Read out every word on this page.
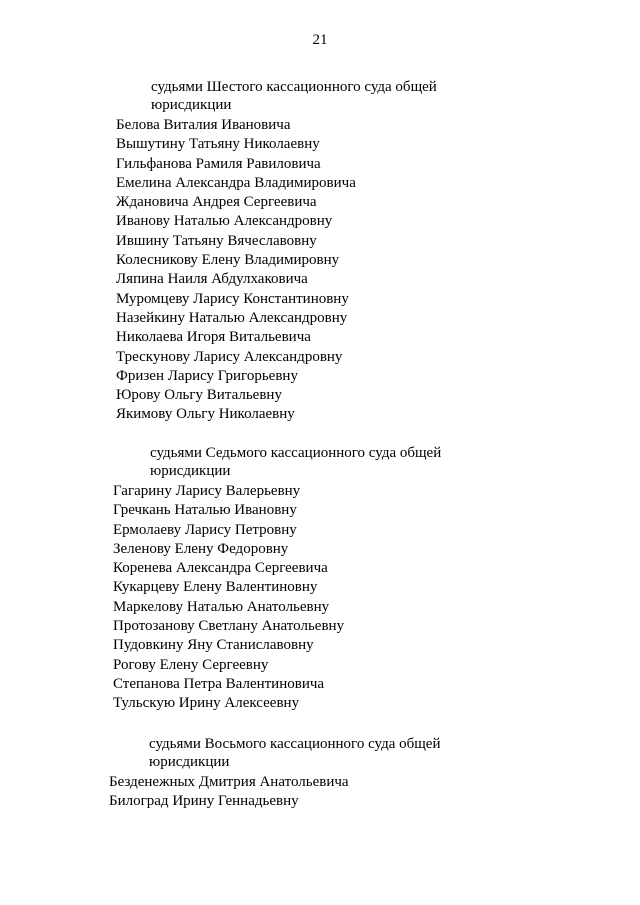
21
судьями Шестого кассационного суда общей
юрисдикции
Белова Виталия Ивановича
Вышутину Татьяну Николаевну
Гильфанова Рамиля Равиловича
Емелина Александра Владимировича
Ждановича Андрея Сергеевича
Иванову Наталью Александровну
Ившину Татьяну Вячеславовну
Колесникову Елену Владимировну
Ляпина Наиля Абдулхаковича
Муромцеву Ларису Константиновну
Назейкину Наталью Александровну
Николаева Игоря Витальевича
Трескунову Ларису Александровну
Фризен Ларису Григорьевну
Юрову Ольгу Витальевну
Якимову Ольгу Николаевну
судьями Седьмого кассационного суда общей
юрисдикции
Гагарину Ларису Валерьевну
Гречкань Наталью Ивановну
Ермолаеву Ларису Петровну
Зеленову Елену Федоровну
Коренева Александра Сергеевича
Кукарцеву Елену Валентиновну
Маркелову Наталью Анатольевну
Протозанову Светлану Анатольевну
Пудовкину Яну Станиславовну
Рогову Елену Сергеевну
Степанова Петра Валентиновича
Тульскую Ирину Алексеевну
судьями Восьмого кассационного суда общей
юрисдикции
Безденежных Дмитрия Анатольевича
Билоград Ирину Геннадьевну
